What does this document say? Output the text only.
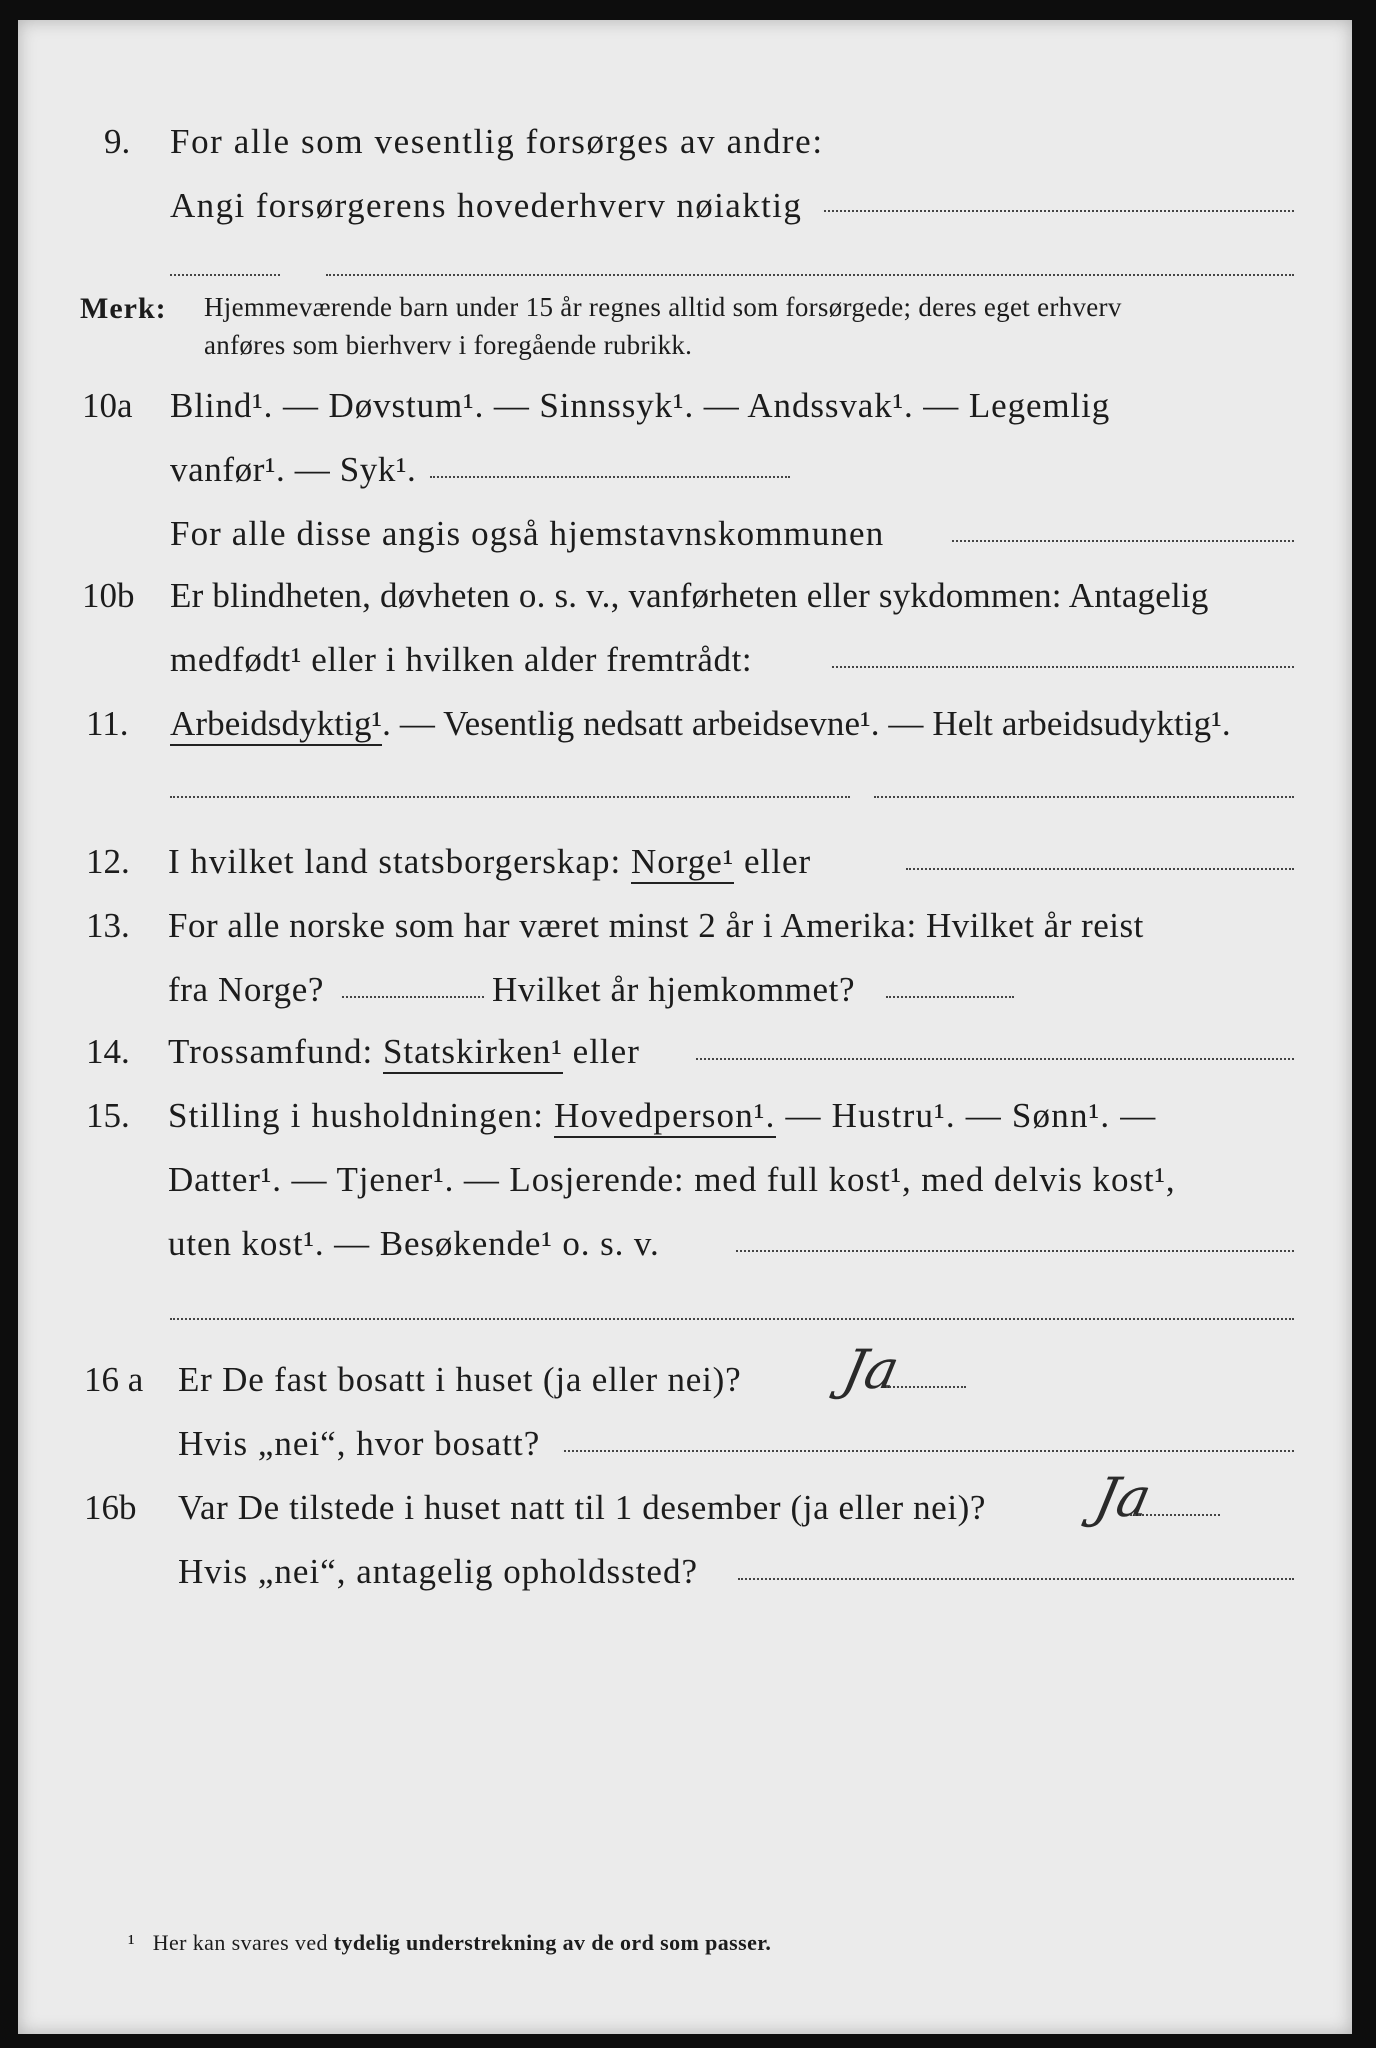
9. For alle som vesentlig forsørges av andre:
Angi forsørgerens hovederhverv nøiaktig
Merk: Hjemmeværende barn under 15 år regnes alltid som forsørgede; deres eget erhverv
anføres som bierhverv i foregående rubrikk.
10a Blind¹. — Døvstum¹. — Sinnssyk¹. — Andssvak¹. — Legemlig
vanfør¹. — Syk¹.
For alle disse angis også hjemstavnskommunen
10b Er blindheten, døvheten o. s. v., vanførheten eller sykdommen: Antagelig
medfødt¹ eller i hvilken alder fremtrådt:
11. Arbeidsdyktig¹. — Vesentlig nedsatt arbeidsevne¹. — Helt arbeidsudyktig¹.
12. I hvilket land statsborgerskap: Norge¹ eller
13. For alle norske som har været minst 2 år i Amerika: Hvilket år reist
fra Norge?	Hvilket år hjemkommet?
14. Trossamfund: Statskirken¹ eller
15. Stilling i husholdningen: Hovedperson¹. — Hustru¹. — Sønn¹. —
Datter¹. — Tjener¹. — Losjerende: med full kost¹, med delvis kost¹,
uten kost¹. — Besøkende¹ o. s. v.
16 a Er De fast bosatt i huset (ja eller nei)? Ja
Hvis „nei“, hvor bosatt?
16b Var De tilstede i huset natt til 1 desember (ja eller nei)? Ja
Hvis „nei“, antagelig opholdssted?
¹ Her kan svares ved tydelig understrekning av de ord som passer.
